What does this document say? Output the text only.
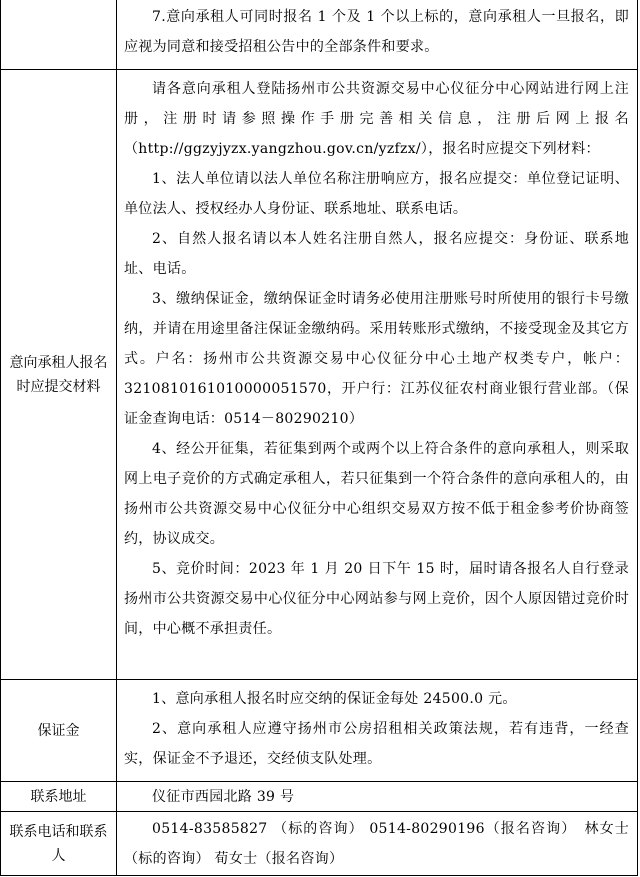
7.意向承租人可同时报名 1 个及 1 个以上标的，意向承租人一旦报名，即应视为同意和接受招租公告中的全部条件和要求。

意向承租人报名时应提交材料

请各意向承租人登陆扬州市公共资源交易中心仪征分中心网站进行网上注册，注册时请参照操作手册完善相关信息，注册后网上报名（http://ggzyjyzx.yangzhou.gov.cn/yzfzx/），报名时应提交下列材料：

1、法人单位请以法人单位名称注册响应方，报名应提交：单位登记证明、单位法人、授权经办人身份证、联系地址、联系电话。

2、自然人报名请以本人姓名注册自然人，报名应提交：身份证、联系地址、电话。

3、缴纳保证金，缴纳保证金时请务必使用注册账号时所使用的银行卡号缴纳，并请在用途里备注保证金缴纳码。采用转账形式缴纳，不接受现金及其它方式。户名：扬州市公共资源交易中心仪征分中心土地产权类专户，帐户：3210810161010000051570，开户行：江苏仪征农村商业银行营业部。（保证金查询电话：0514－80290210）

4、经公开征集，若征集到两个或两个以上符合条件的意向承租人，则采取网上电子竞价的方式确定承租人，若只征集到一个符合条件的意向承租人的，由扬州市公共资源交易中心仪征分中心组织交易双方按不低于租金参考价协商签约，协议成交。

5、竞价时间：2023 年 1 月 20 日下午 15 时，届时请各报名人自行登录扬州市公共资源交易中心仪征分中心网站参与网上竞价，因个人原因错过竞价时间，中心概不承担责任。

保证金

1、意向承租人报名时应交纳的保证金每处 24500.0 元。

2、意向承租人应遵守扬州市公房招租相关政策法规，若有违背，一经查实，保证金不予退还，交经侦支队处理。

联系地址	仪征市西园北路 39 号

联系电话和联系人

0514-83585827 （标的咨询） 0514-80290196（报名咨询）　林女士（标的咨询） 荀女士（报名咨询）
